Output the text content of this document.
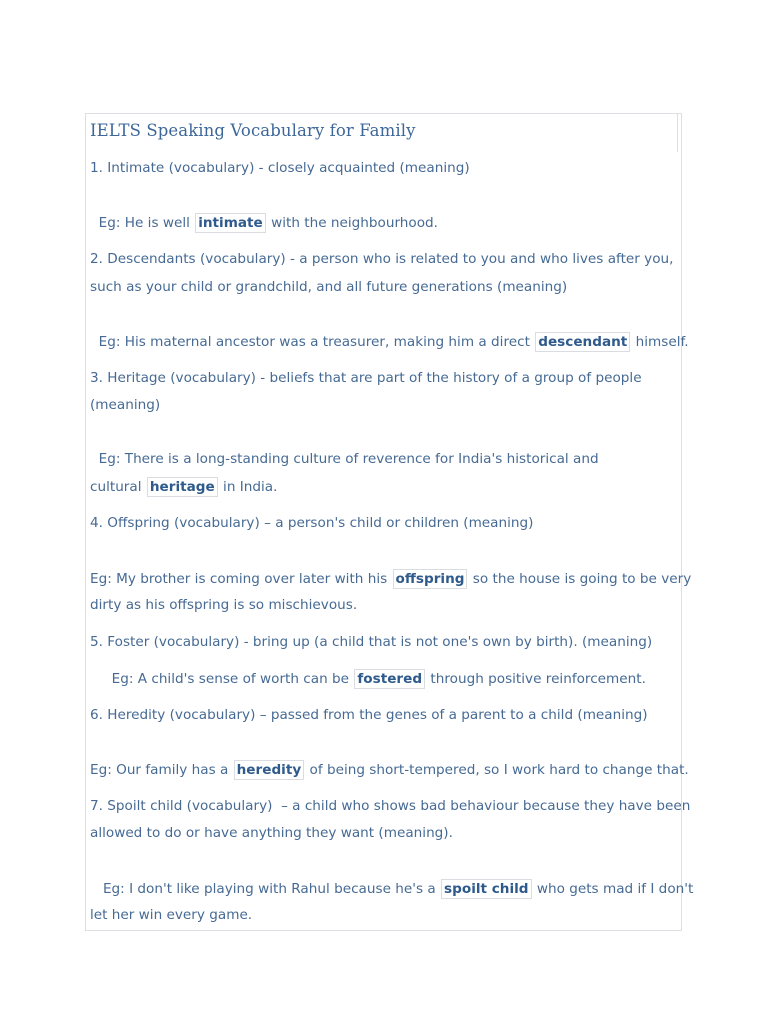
IELTS Speaking Vocabulary for Family

1. Intimate (vocabulary) - closely acquainted (meaning)

Eg: He is well intimate with the neighbourhood.

2. Descendants (vocabulary) - a person who is related to you and who lives after you,

such as your child or grandchild, and all future generations (meaning)

Eg: His maternal ancestor was a treasurer, making him a direct descendant himself.

3. Heritage (vocabulary) - beliefs that are part of the history of a group of people

(meaning)

Eg: There is a long-standing culture of reverence for India's historical and

cultural heritage in India.

4. Offspring (vocabulary) – a person's child or children (meaning)

Eg: My brother is coming over later with his offspring so the house is going to be very

dirty as his offspring is so mischievous.

5. Foster (vocabulary) - bring up (a child that is not one's own by birth). (meaning)

Eg: A child's sense of worth can be fostered through positive reinforcement.

6. Heredity (vocabulary) – passed from the genes of a parent to a child (meaning)

Eg: Our family has a heredity of being short-tempered, so I work hard to change that.

7. Spoilt child (vocabulary)  – a child who shows bad behaviour because they have been

allowed to do or have anything they want (meaning).

Eg: I don't like playing with Rahul because he's a spoilt child who gets mad if I don't

let her win every game.
